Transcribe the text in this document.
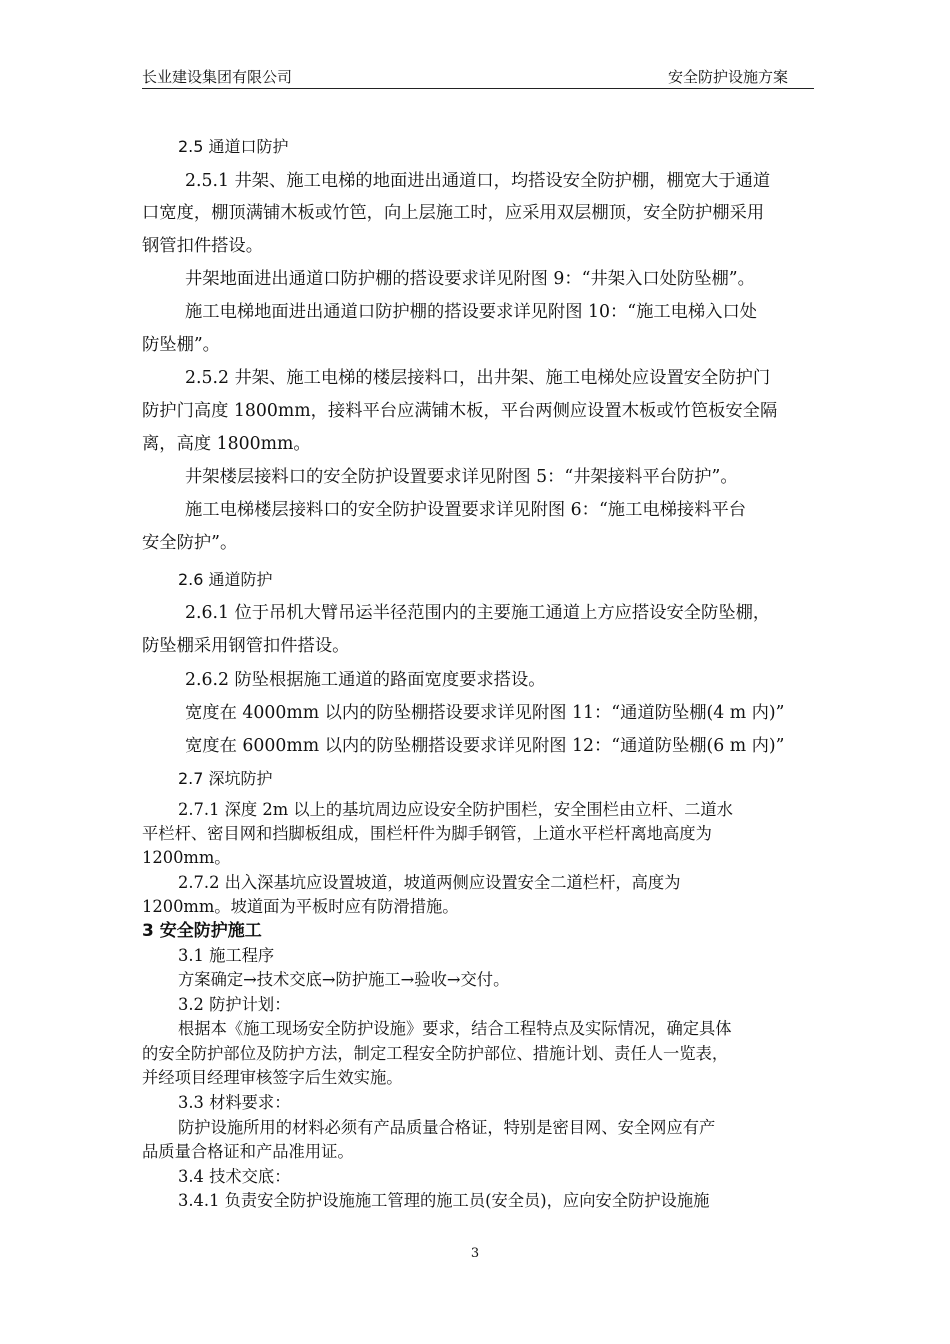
长业建设集团有限公司	安全防护设施方案
2.5 通道口防护
2.5.1 井架、施工电梯的地面进出通道口，均搭设安全防护棚，棚宽大于通道
口宽度，棚顶满铺木板或竹笆，向上层施工时，应采用双层棚顶，安全防护棚采用
钢管扣件搭设。
井架地面进出通道口防护棚的搭设要求详见附图 9：“井架入口处防坠棚”。
施工电梯地面进出通道口防护棚的搭设要求详见附图 10：“施工电梯入口处
防坠棚”。
2.5.2 井架、施工电梯的楼层接料口，出井架、施工电梯处应设置安全防护门
防护门高度 1800mm，接料平台应满铺木板，平台两侧应设置木板或竹笆板安全隔
离，高度 1800mm。
井架楼层接料口的安全防护设置要求详见附图 5：“井架接料平台防护”。
施工电梯楼层接料口的安全防护设置要求详见附图 6：“施工电梯接料平台
安全防护”。
2.6 通道防护
2.6.1 位于吊机大臂吊运半径范围内的主要施工通道上方应搭设安全防坠棚，
防坠棚采用钢管扣件搭设。
2.6.2 防坠根据施工通道的路面宽度要求搭设。
宽度在 4000mm 以内的防坠棚搭设要求详见附图 11：“通道防坠棚(4 m 内)”
宽度在 6000mm 以内的防坠棚搭设要求详见附图 12：“通道防坠棚(6 m 内)”
2.7 深坑防护
2.7.1 深度 2m 以上的基坑周边应设安全防护围栏，安全围栏由立杆、二道水
平栏杆、密目网和挡脚板组成，围栏杆件为脚手钢管，上道水平栏杆离地高度为
1200mm。
2.7.2 出入深基坑应设置坡道，坡道两侧应设置安全二道栏杆，高度为
1200mm。坡道面为平板时应有防滑措施。
3 安全防护施工
3.1 施工程序
方案确定→技术交底→防护施工→验收→交付。
3.2 防护计划：
根据本《施工现场安全防护设施》要求，结合工程特点及实际情况，确定具体
的安全防护部位及防护方法，制定工程安全防护部位、措施计划、责任人一览表，
并经项目经理审核签字后生效实施。
3.3 材料要求：
防护设施所用的材料必须有产品质量合格证，特别是密目网、安全网应有产
品质量合格证和产品准用证。
3.4 技术交底：
3.4.1 负责安全防护设施施工管理的施工员(安全员)，应向安全防护设施施
3
